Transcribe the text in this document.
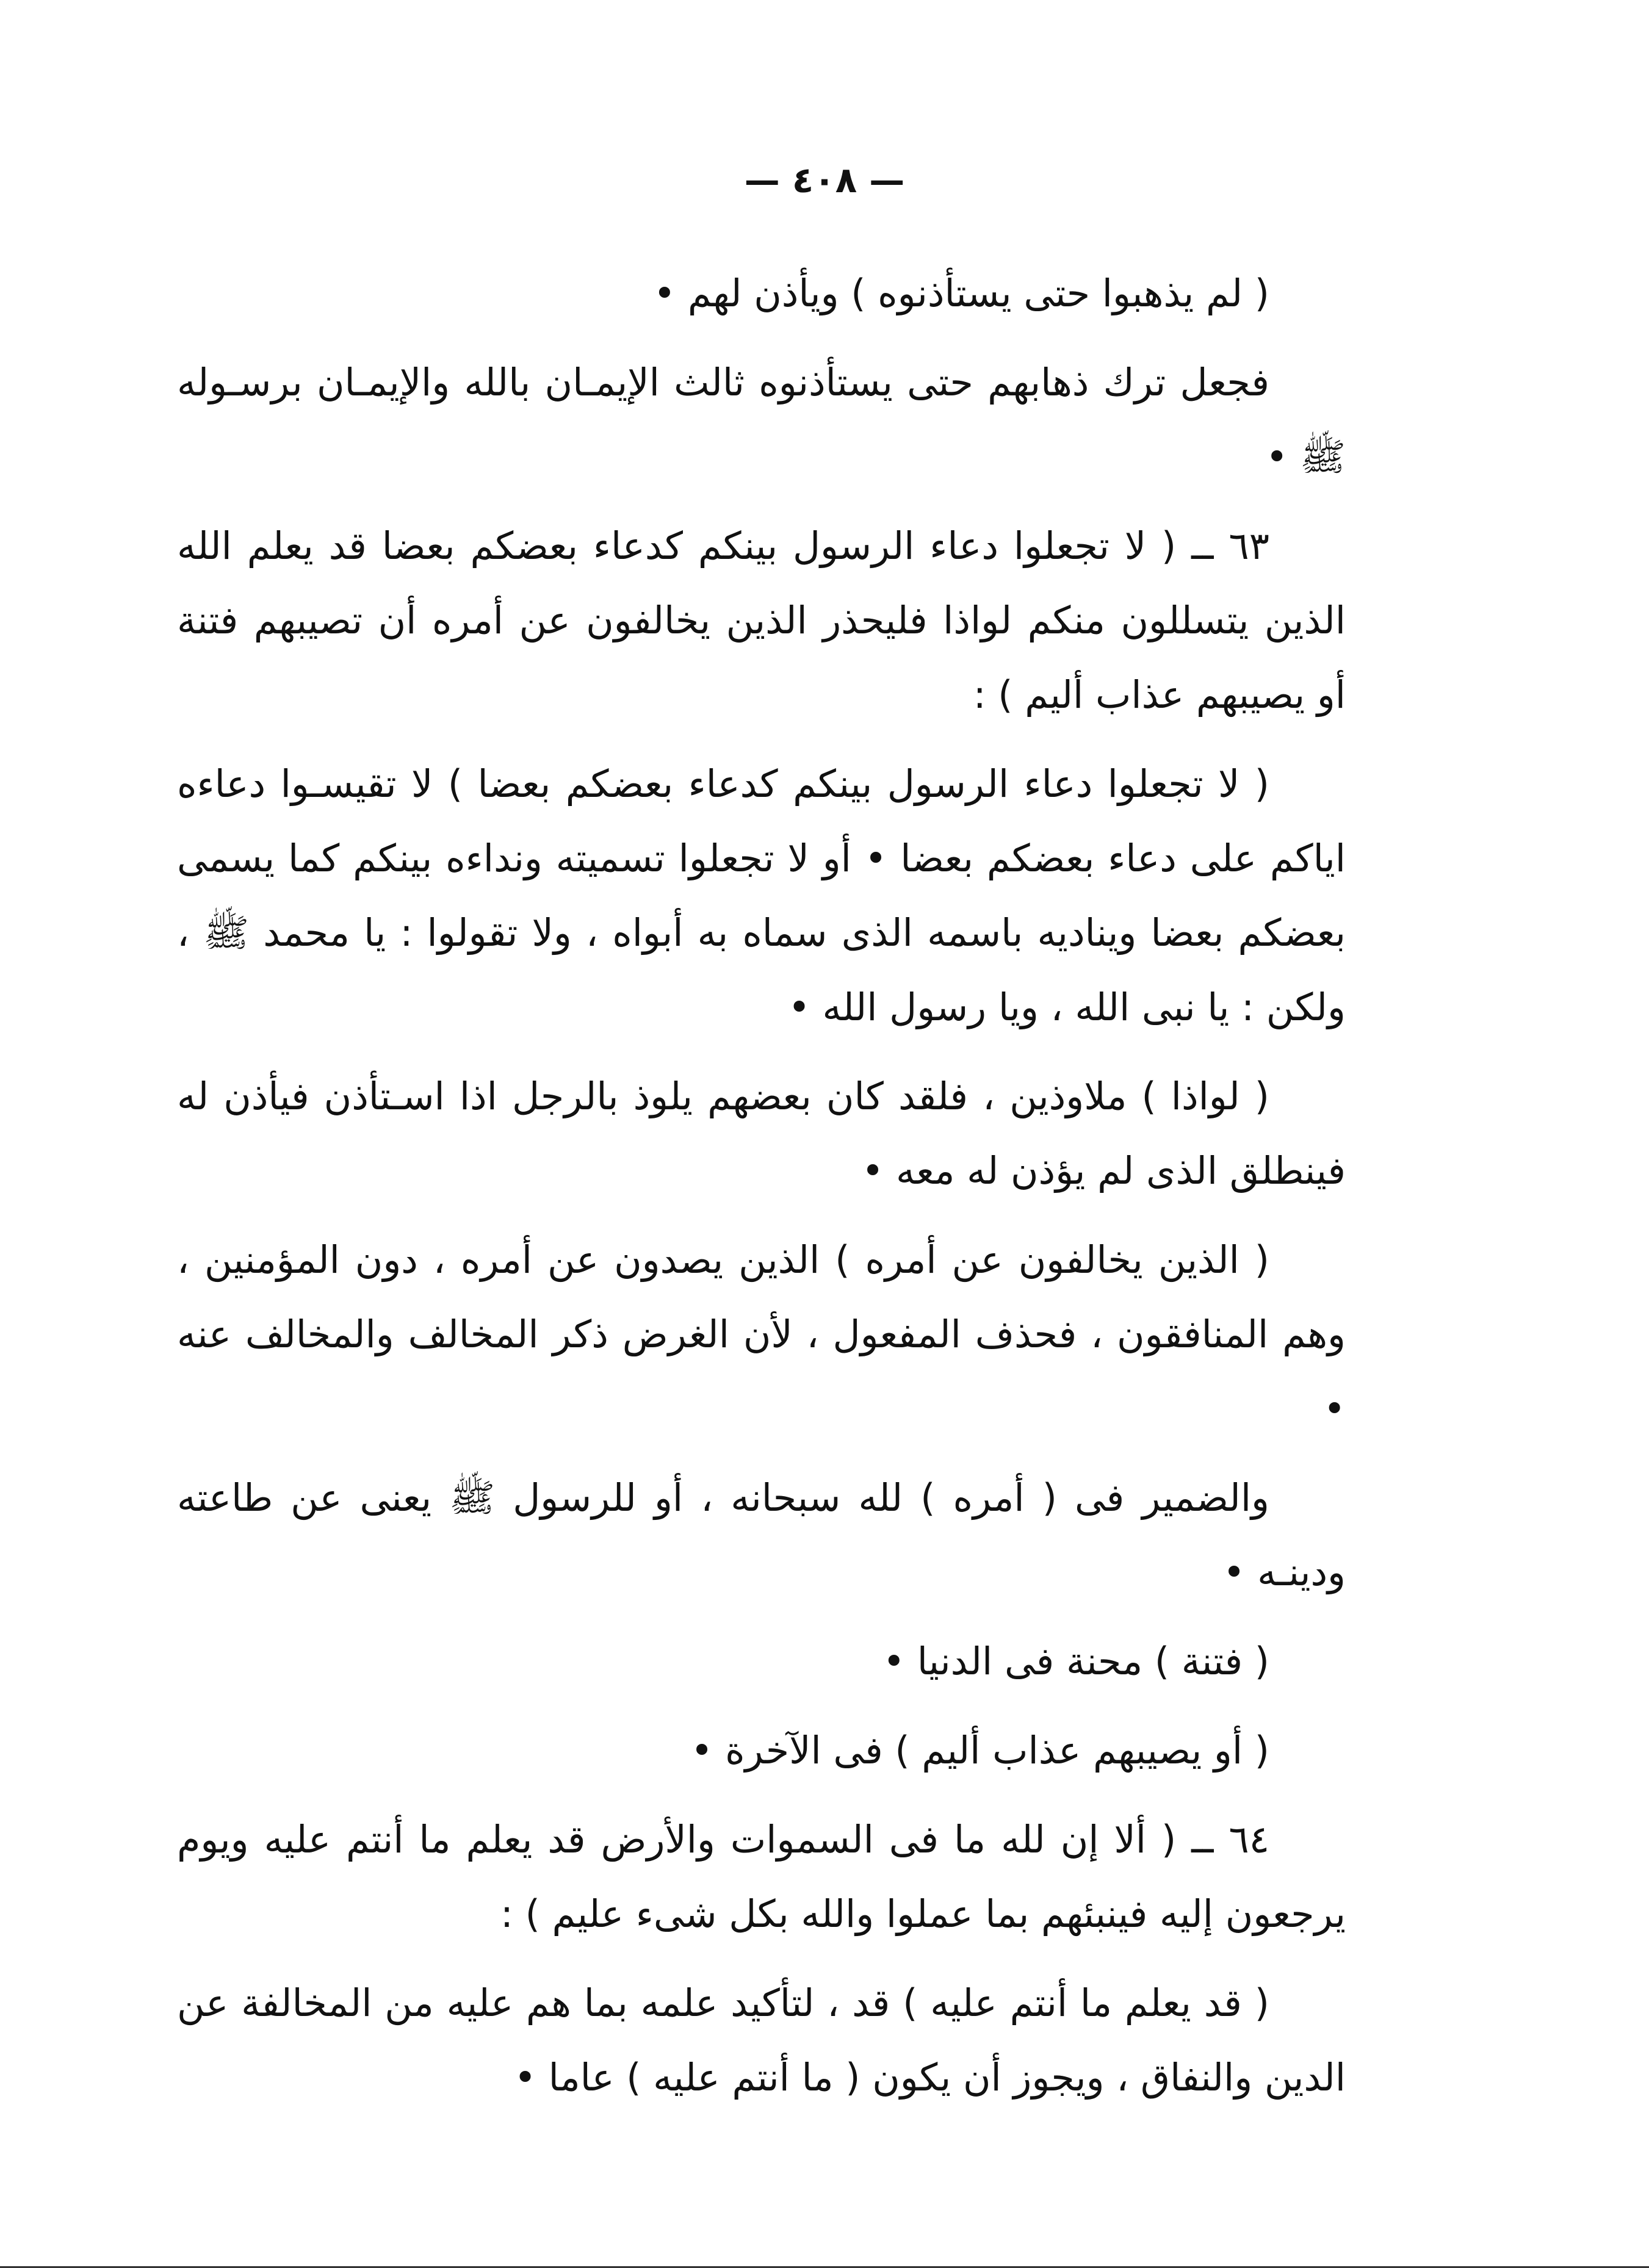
— ٤٠٨ —

( لم يذهبوا حتى يستأذنوه ) ويأذن لهم •

فجعل ترك ذهابهم حتى يستأذنوه ثالث الإيمـان بالله والإيمـان برسـوله ﷺ •

٦٣ ــ ( لا تجعلوا دعاء الرسول بينكم كدعاء بعضكم بعضا قد يعلم الله الذين يتسللون منكم لواذا فليحذر الذين يخالفون عن أمره أن تصيبهم فتنة أو يصيبهم عذاب أليم ) :

( لا تجعلوا دعاء الرسول بينكم كدعاء بعضكم بعضا ) لا تقيسـوا دعاءه اياكم على دعاء بعضكم بعضا • أو لا تجعلوا تسميته ونداءه بينكم كما يسمى بعضكم بعضا ويناديه باسمه الذى سماه به أبواه ، ولا تقولوا : يا محمد ﷺ ، ولكن : يا نبى الله ، ويا رسول الله •

( لواذا ) ملاوذين ، فلقد كان بعضهم يلوذ بالرجل اذا اسـتأذن فيأذن له فينطلق الذى لم يؤذن له معه •

( الذين يخالفون عن أمره ) الذين يصدون عن أمره ، دون المؤمنين ، وهم المنافقون ، فحذف المفعول ، لأن الغرض ذكر المخالف والمخالف عنه •

والضمير فى ( أمره ) لله سبحانه ، أو للرسول ﷺ يعنى عن طاعته ودينـه •

( فتنة ) محنة فى الدنيا •

( أو يصيبهم عذاب أليم ) فى الآخرة •

٦٤ ــ ( ألا إن لله ما فى السموات والأرض قد يعلم ما أنتم عليه ويوم يرجعون إليه فينبئهم بما عملوا والله بكل شىء عليم ) :

( قد يعلم ما أنتم عليه ) قد ، لتأكيد علمه بما هم عليه من المخالفة عن الدين والنفاق ، ويجوز أن يكون ( ما أنتم عليه ) عاما •
